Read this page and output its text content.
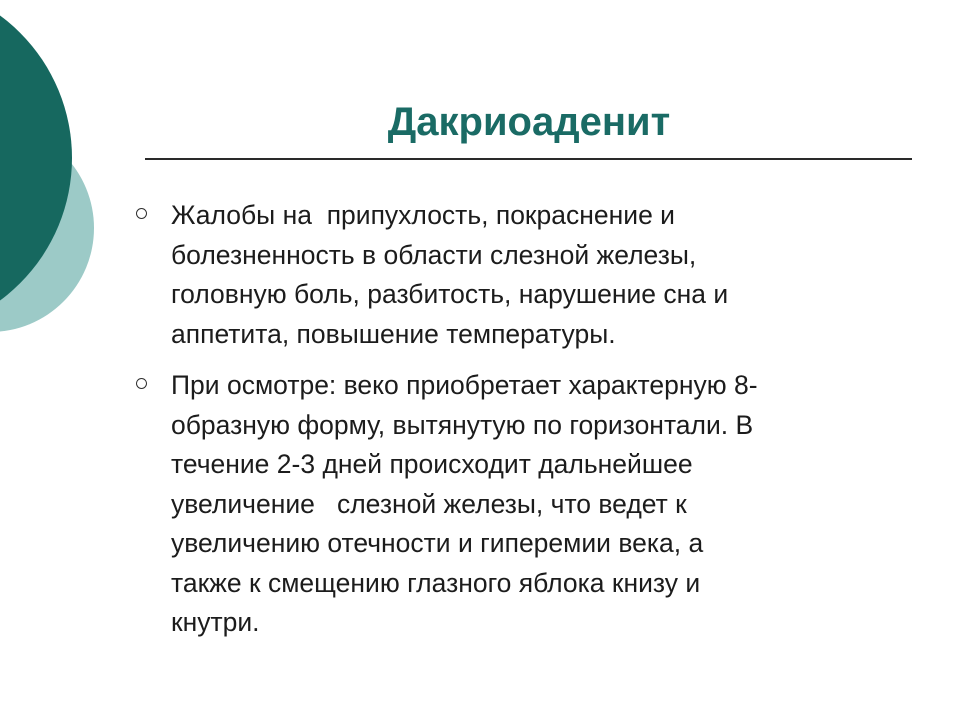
Дакриоаденит
Жалобы на  припухлость, покраснение и
болезненность в области слезной железы,
головную боль, разбитость, нарушение сна и
аппетита, повышение температуры.
При осмотре: веко приобретает характерную 8-
образную форму, вытянутую по горизонтали. В
течение 2-3 дней происходит дальнейшее
увеличение   слезной железы, что ведет к
увеличению отечности и гиперемии века, а
также к смещению глазного яблока книзу и
кнутри.
